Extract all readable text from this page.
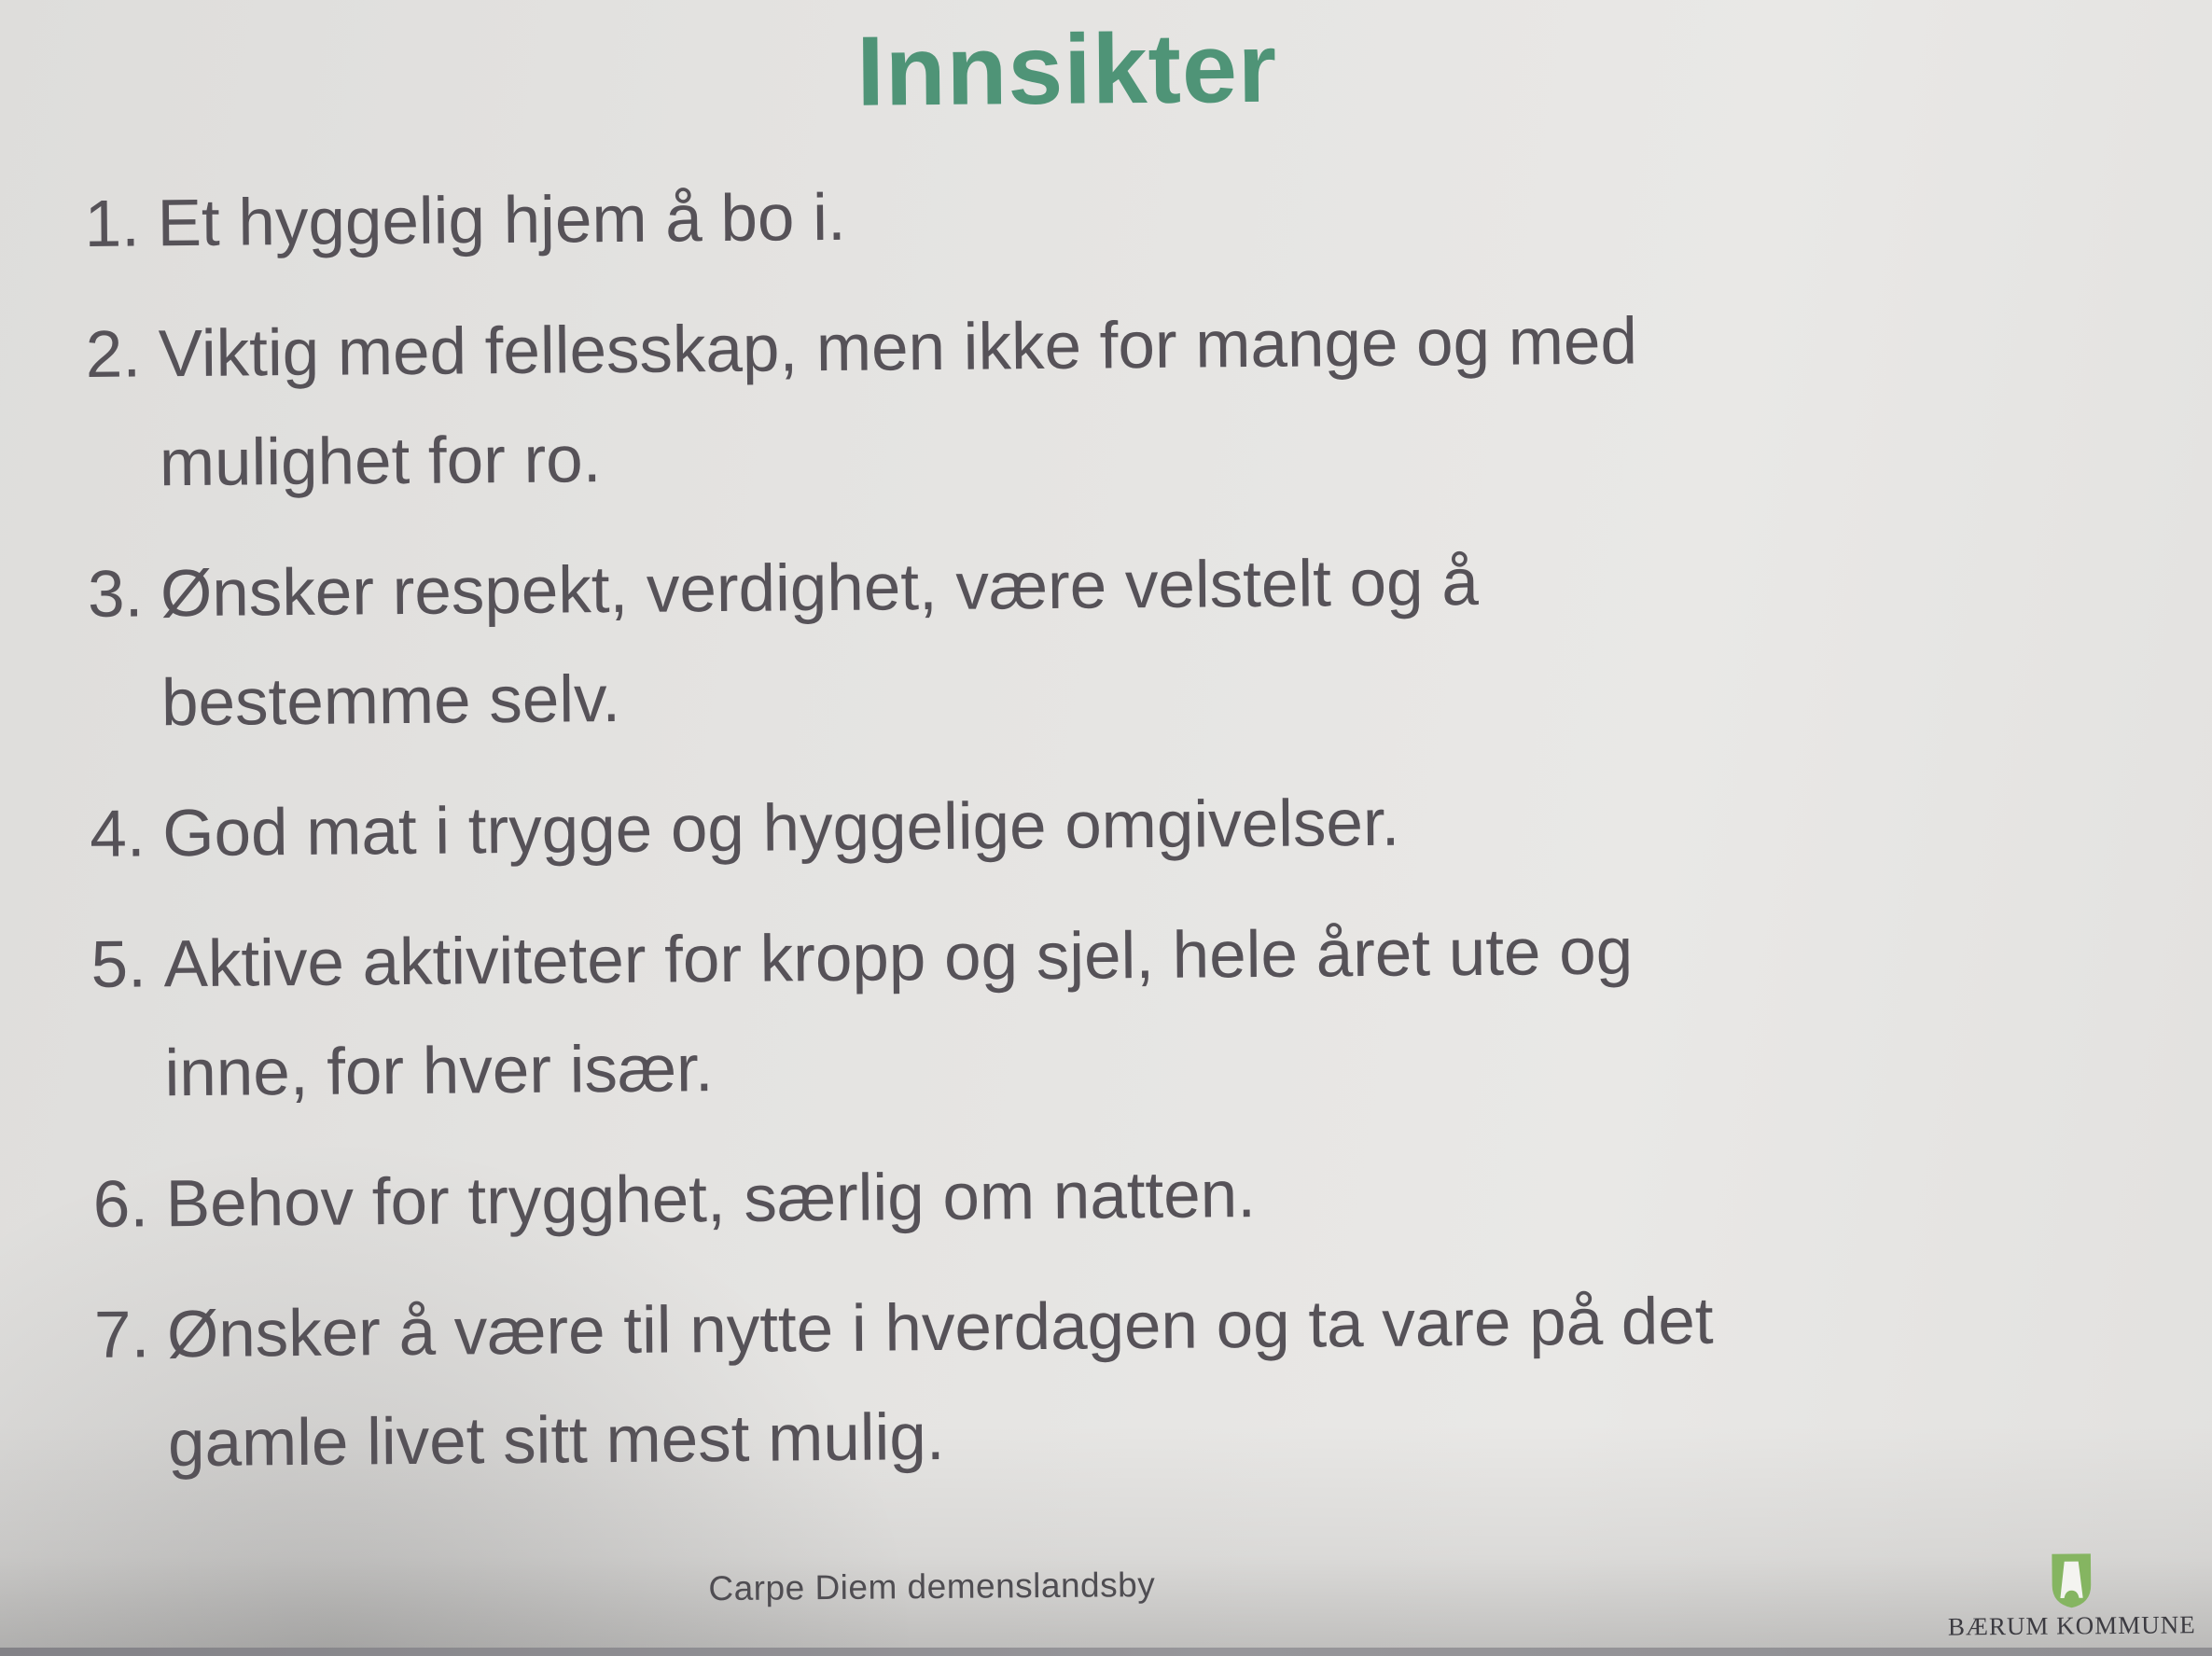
Innsikter
1. Et hyggelig hjem å bo i.
2. Viktig med fellesskap, men ikke for mange og med
mulighet for ro.
3. Ønsker respekt, verdighet, være velstelt og å
bestemme selv.
4. God mat i trygge og hyggelige omgivelser.
5. Aktive aktiviteter for kropp og sjel, hele året ute og
inne, for hver især.
6. Behov for trygghet, særlig om natten.
7. Ønsker å være til nytte i hverdagen og ta vare på det
gamle livet sitt mest mulig.
Carpe Diem demenslandsby
BÆRUM KOMMUNE
